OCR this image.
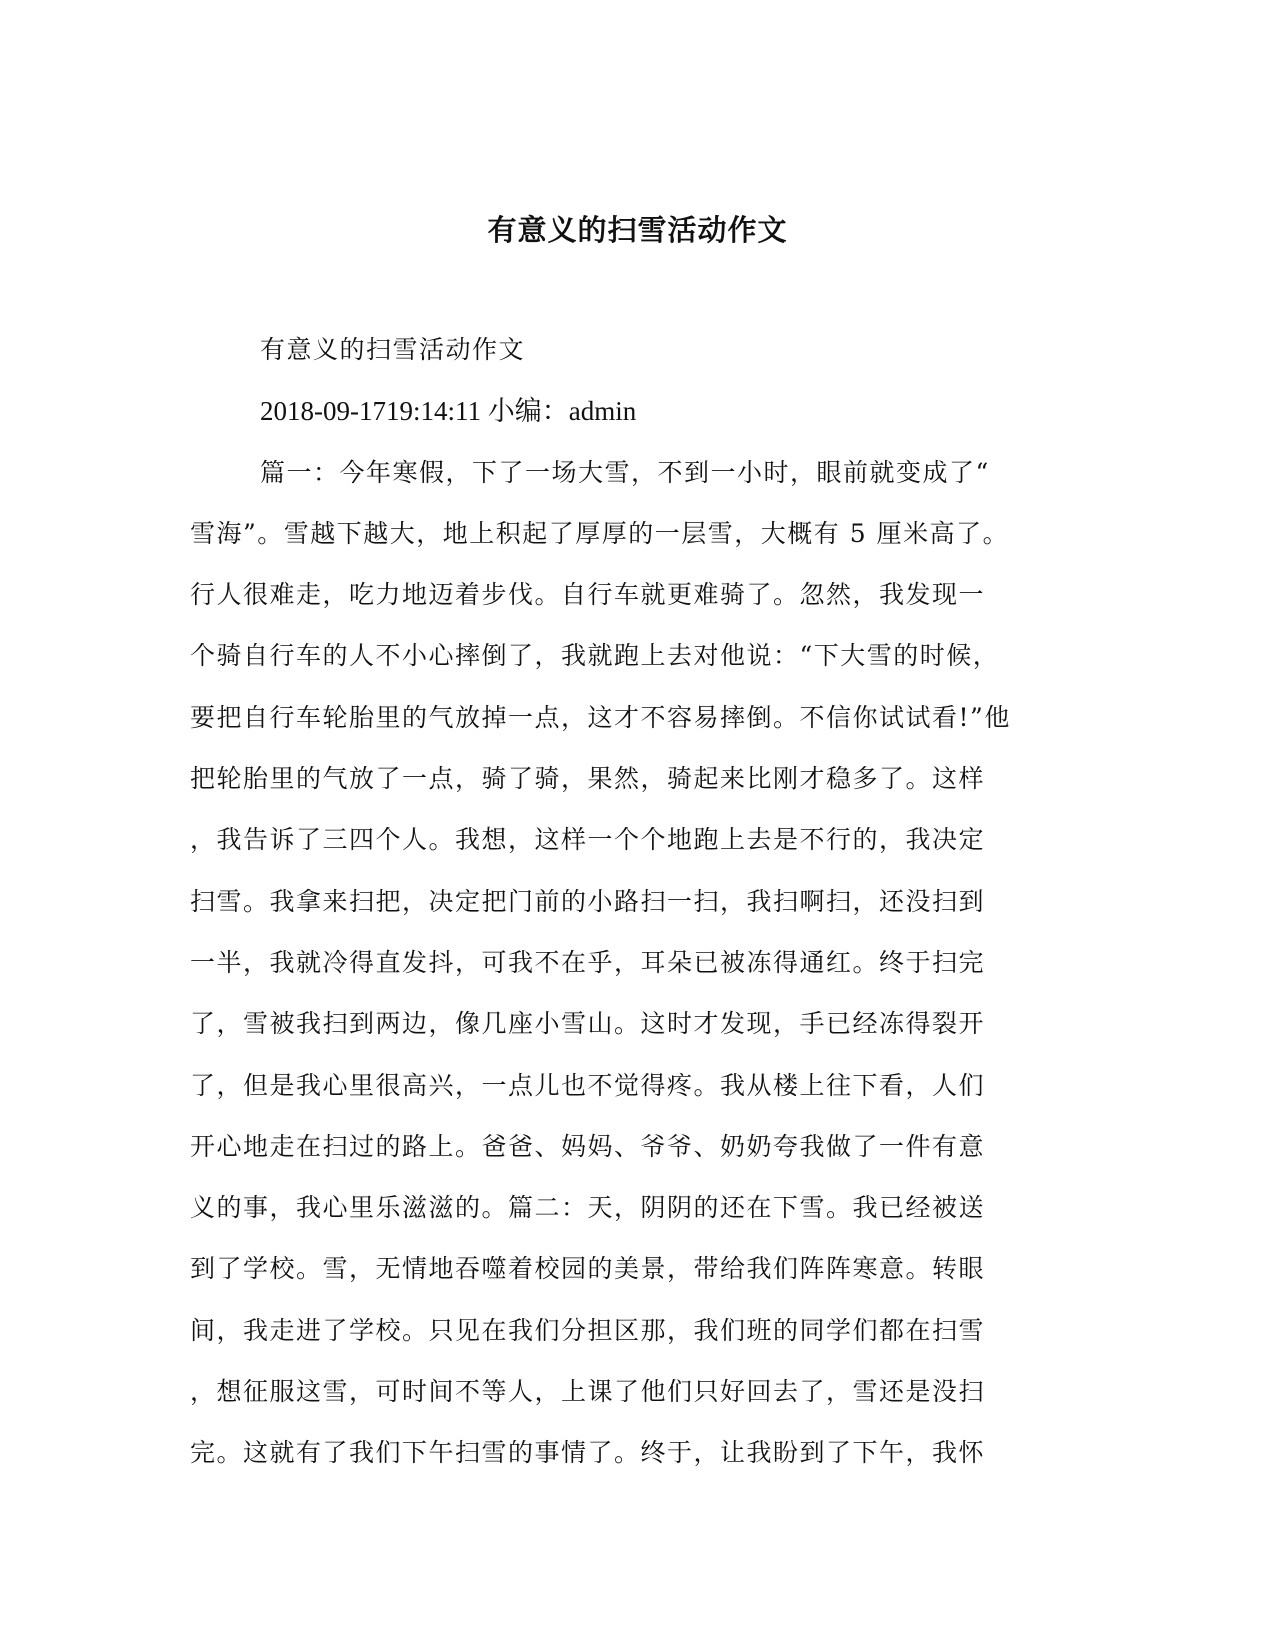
有意义的扫雪活动作文
有意义的扫雪活动作文
2018-09-1719:14:11 小编：admin
篇一：今年寒假，下了一场大雪，不到一小时，眼前就变成了“
雪海”。雪越下越大，地上积起了厚厚的一层雪，大概有 5 厘米高了。
行人很难走，吃力地迈着步伐。自行车就更难骑了。忽然，我发现一
个骑自行车的人不小心摔倒了，我就跑上去对他说：“下大雪的时候，
要把自行车轮胎里的气放掉一点，这才不容易摔倒。不信你试试看!”他
把轮胎里的气放了一点，骑了骑，果然，骑起来比刚才稳多了。这样
，我告诉了三四个人。我想，这样一个个地跑上去是不行的，我决定
扫雪。我拿来扫把，决定把门前的小路扫一扫，我扫啊扫，还没扫到
一半，我就冷得直发抖，可我不在乎，耳朵已被冻得通红。终于扫完
了，雪被我扫到两边，像几座小雪山。这时才发现，手已经冻得裂开
了，但是我心里很高兴，一点儿也不觉得疼。我从楼上往下看，人们
开心地走在扫过的路上。爸爸、妈妈、爷爷、奶奶夸我做了一件有意
义的事，我心里乐滋滋的。篇二：天，阴阴的还在下雪。我已经被送
到了学校。雪，无情地吞噬着校园的美景，带给我们阵阵寒意。转眼
间，我走进了学校。只见在我们分担区那，我们班的同学们都在扫雪
，想征服这雪，可时间不等人，上课了他们只好回去了，雪还是没扫
完。这就有了我们下午扫雪的事情了。终于，让我盼到了下午，我怀
